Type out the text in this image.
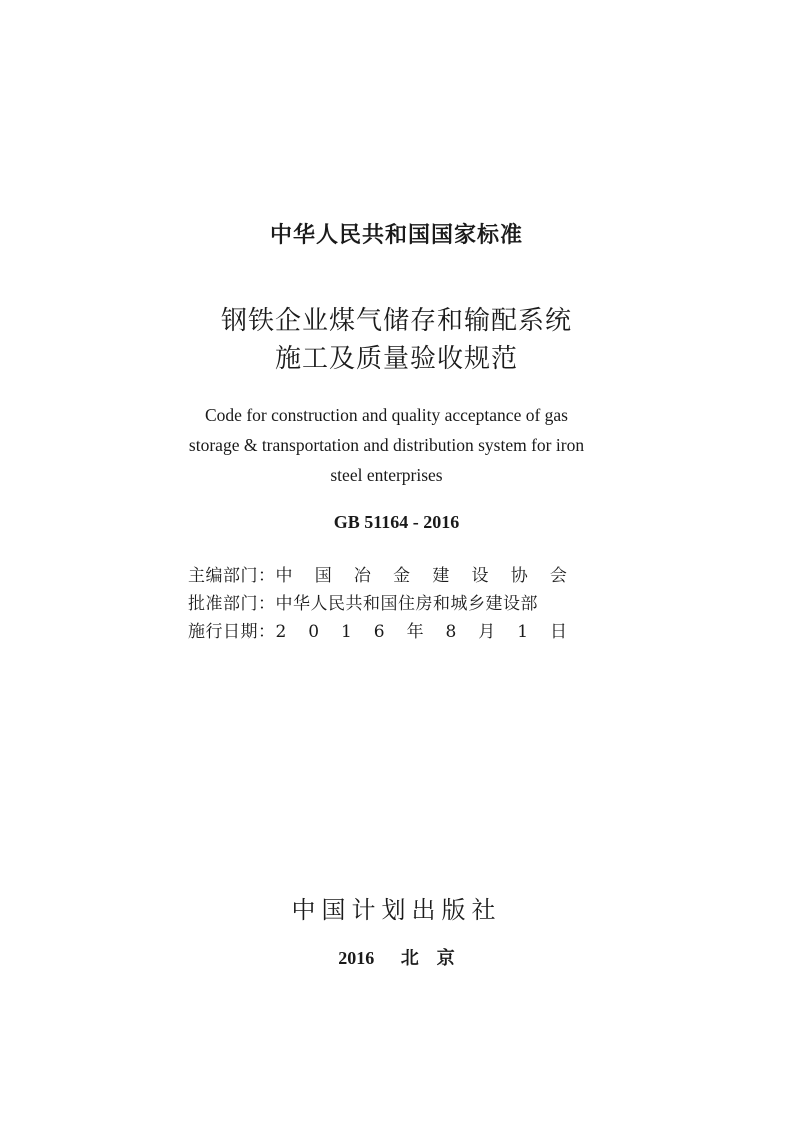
中华人民共和国国家标准
钢铁企业煤气储存和输配系统
施工及质量验收规范
Code for construction and quality acceptance of gas
storage & transportation and distribution system for iron
steel enterprises
GB 51164 - 2016
主编部门： 中 国 冶 金 建 设 协 会
批准部门： 中华人民共和国住房和城乡建设部
施行日期： 2 0 1 6 年 8 月 1 日
中国计划出版社
2016 北　京
